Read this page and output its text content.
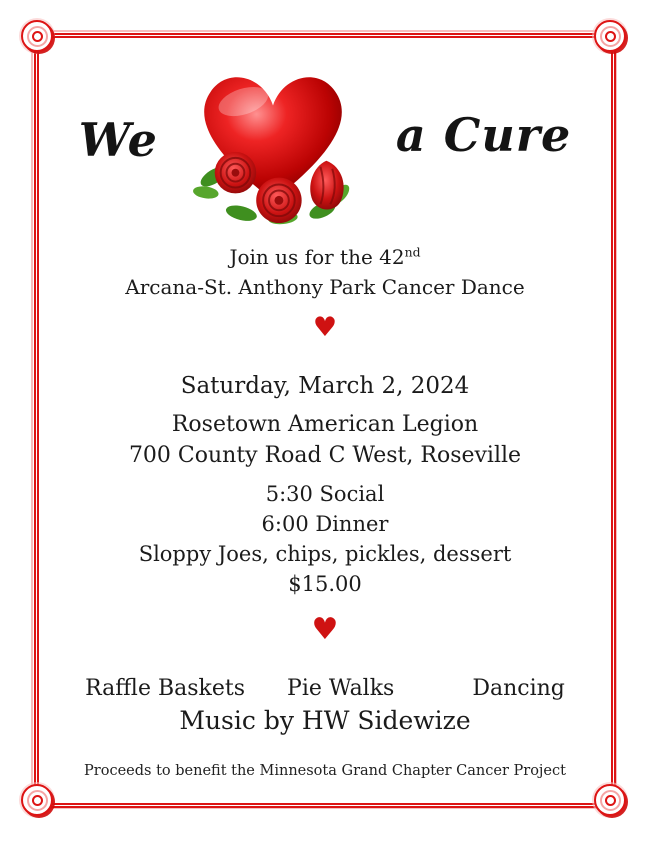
We	a Cure
Join us for the 42nd
Arcana-St. Anthony Park Cancer Dance
♥
Saturday, March 2, 2024
Rosetown American Legion
700 County Road C West, Roseville
5:30 Social
6:00 Dinner
Sloppy Joes, chips, pickles, dessert
$15.00
♥
Raffle Baskets Pie Walks	Dancing
Music by HW Sidewize
Proceeds to benefit the Minnesota Grand Chapter Cancer Project
